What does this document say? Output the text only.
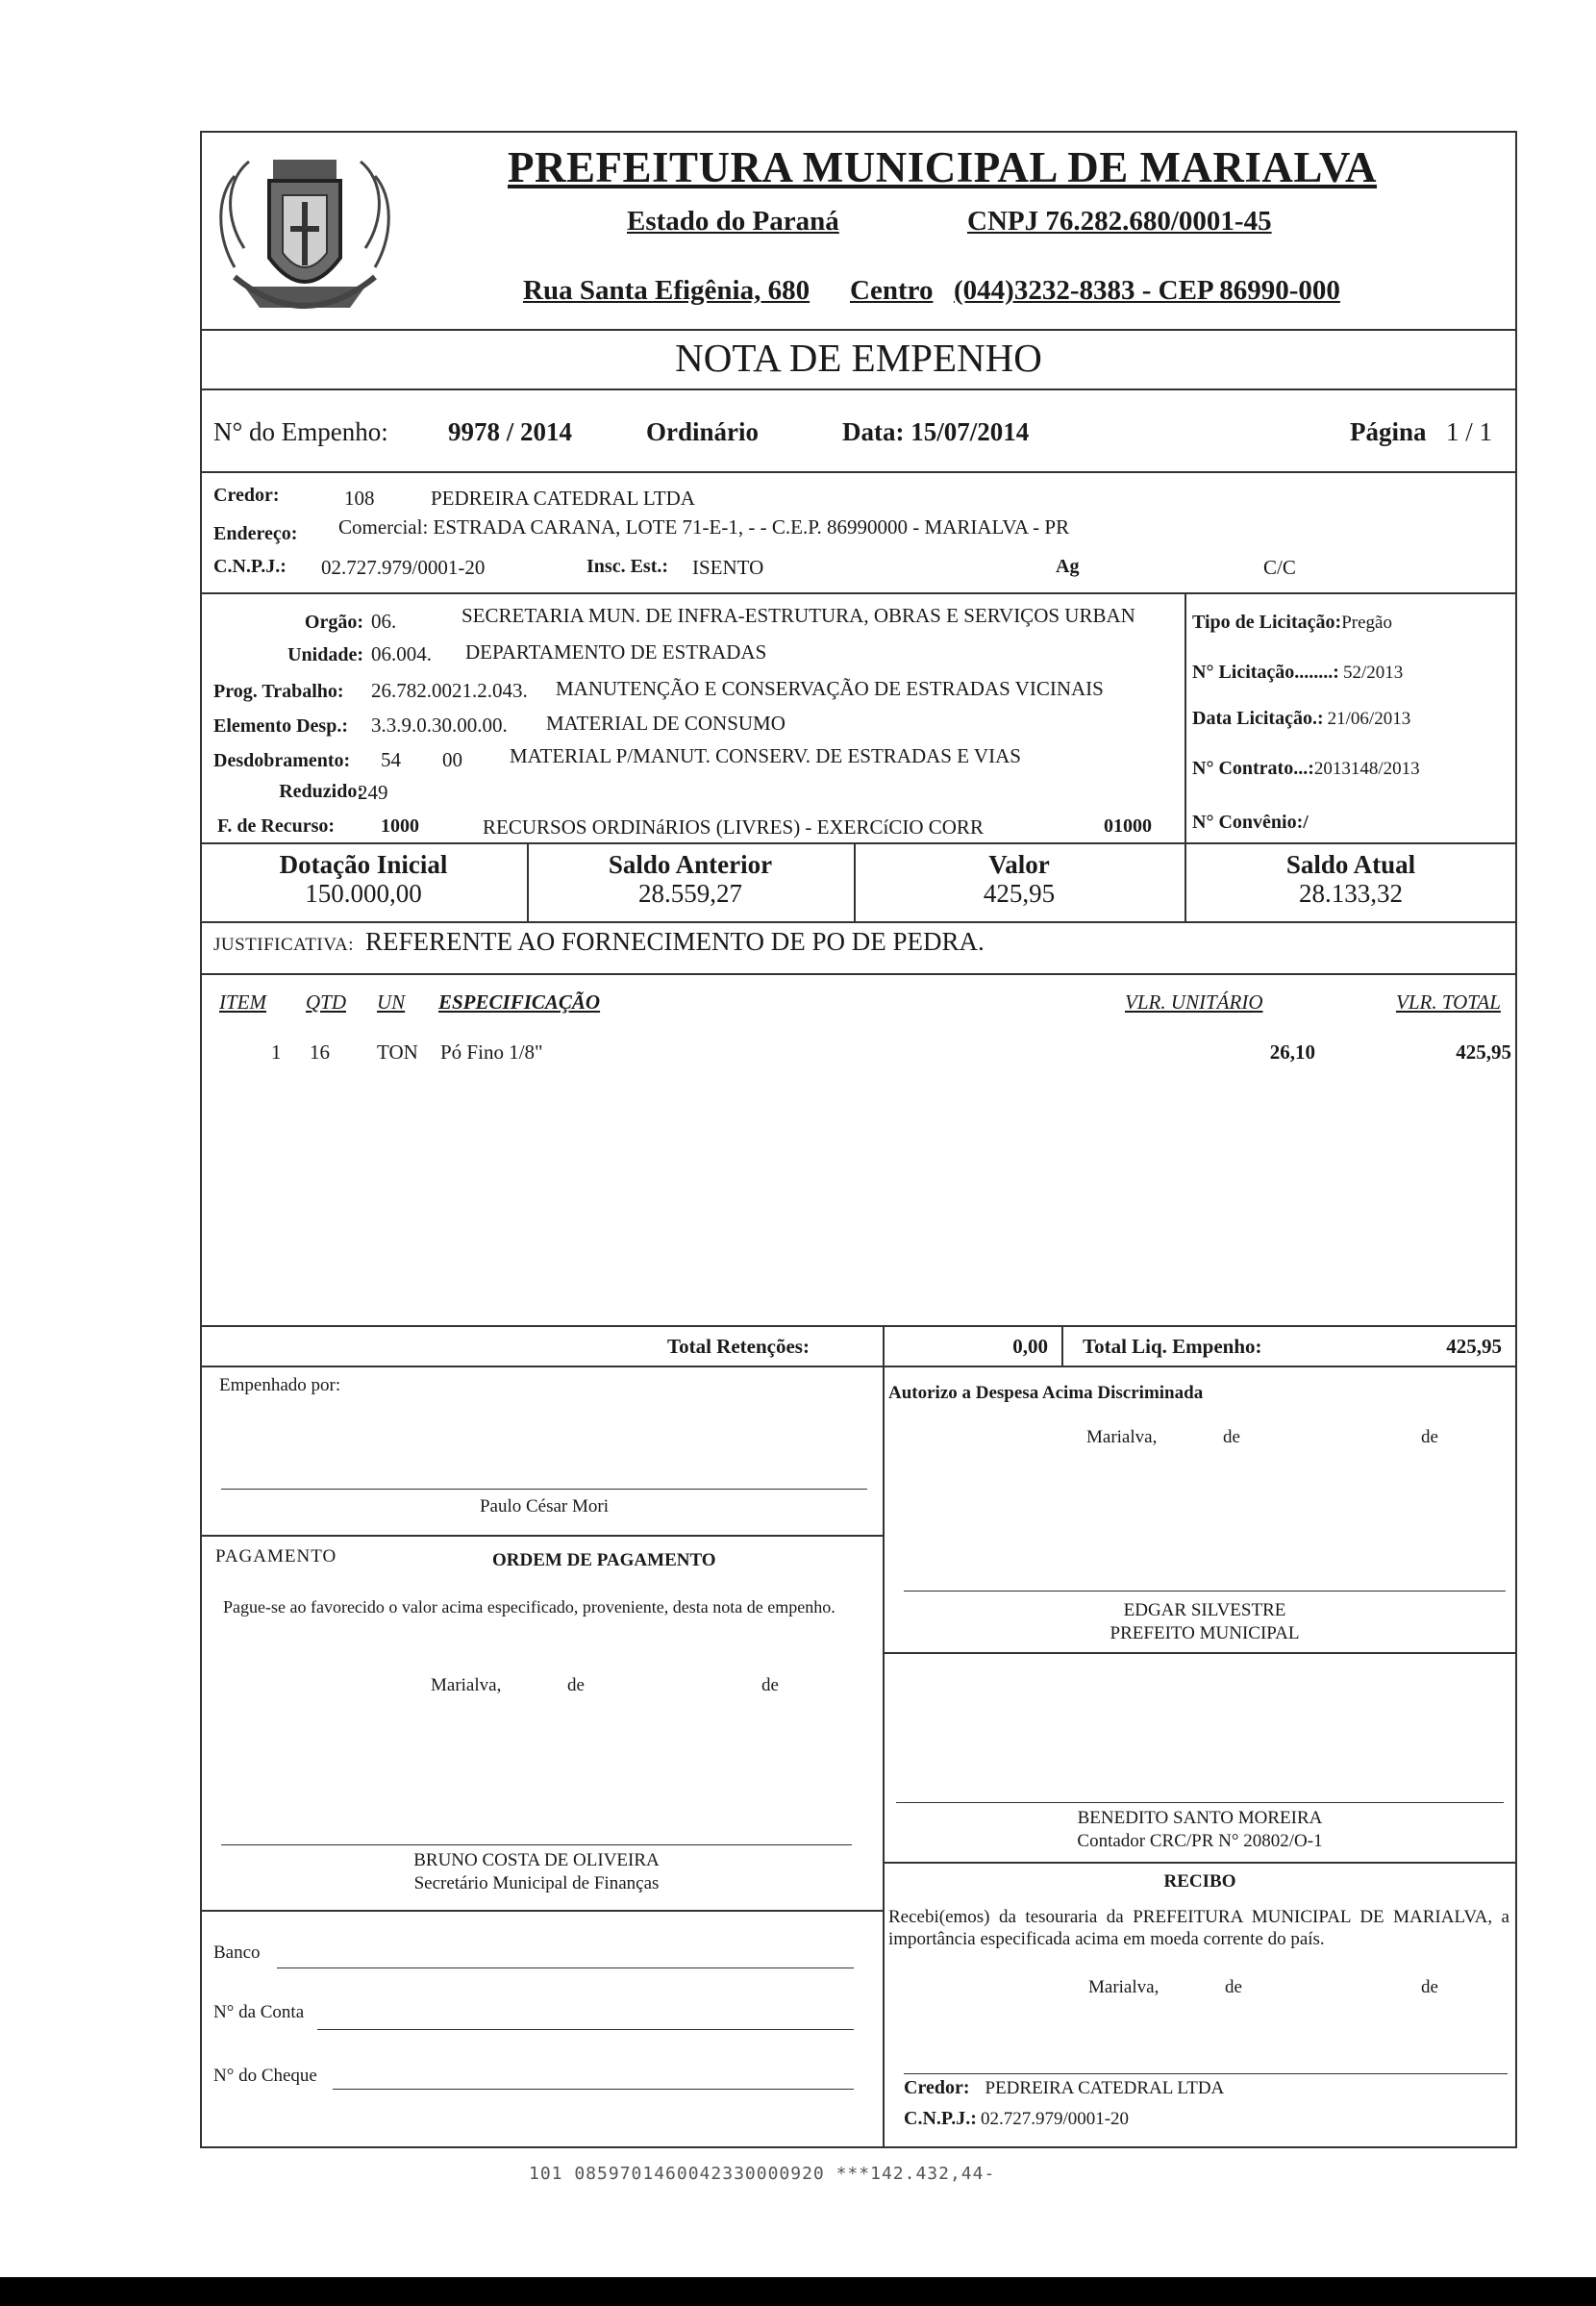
PREFEITURA MUNICIPAL DE MARIALVA
Estado do Paraná	CNPJ 76.282.680/0001-45
Rua Santa Efigênia, 680 Centro (044)3232-8383 - CEP 86990-000
NOTA DE EMPENHO
N° do Empenho: 9978 / 2014	Ordinário	Data: 15/07/2014	Página 1 / 1
Credor:	108	PEDREIRA CATEDRAL LTDA
Endereço: Comercial: ESTRADA CARANA, LOTE 71-E-1, - - C.E.P. 86990000 - MARIALVA - PR
C.N.P.J.: 02.727.979/0001-20	Insc. Est.: ISENTO	Ag	C/C
Orgão: 06.	SECRETARIA MUN. DE INFRA-ESTRUTURA, OBRAS E SERVIÇOS URBAN
Unidade: 06.004. DEPARTAMENTO DE ESTRADAS
Prog. Trabalho: 26.782.0021.2.043. MANUTENÇÃO E CONSERVAÇÃO DE ESTRADAS VICINAIS
Elemento Desp.: 3.3.9.0.30.00.00. MATERIAL DE CONSUMO
Desdobramento: 54 00 MATERIAL P/MANUT. CONSERV. DE ESTRADAS E VIAS
Reduzido:
249
F. de Recurso: 1000	RECURSOS ORDINáRIOS (LIVRES) - EXERCíCIO CORR	01000
Tipo de Licitação:Pregão
N° Licitação........: 52/2013
Data Licitação.: 21/06/2013
N° Contrato...:2013148/2013
N° Convênio:/
Dotação Inicial
150.000,00
Saldo Anterior
28.559,27
Valor
425,95
Saldo Atual
28.133,32
JUSTIFICATIVA: REFERENTE AO FORNECIMENTO DE PO DE PEDRA.
ITEM QTD UN ESPECIFICAÇÃO	VLR. UNITÁRIO	VLR. TOTAL
1 16 TON Pó Fino 1/8"	26,10	425,95
Total Retenções:	0,00 Total Liq. Empenho:	425,95
Empenhado por:
Paulo César Mori
PAGAMENTO	ORDEM DE PAGAMENTO
Pague-se ao favorecido o valor acima especificado, proveniente, desta nota de empenho.
Marialva,	de	de
BRUNO COSTA DE OLIVEIRA
Secretário Municipal de Finanças
Banco
N° da Conta
N° do Cheque
Autorizo a Despesa Acima Discriminada
Marialva,	de	de
EDGAR SILVESTRE
PREFEITO MUNICIPAL
BENEDITO SANTO MOREIRA
Contador CRC/PR N° 20802/O-1
RECIBO
Recebi(emos) da tesouraria da PREFEITURA MUNICIPAL DE MARIALVA, a importância especificada acima em moeda corrente do país.
Marialva,	de	de
Credor: PEDREIRA CATEDRAL LTDA
C.N.P.J.: 02.727.979/0001-20
101 0859701460042330000920 ***142.432,44-
